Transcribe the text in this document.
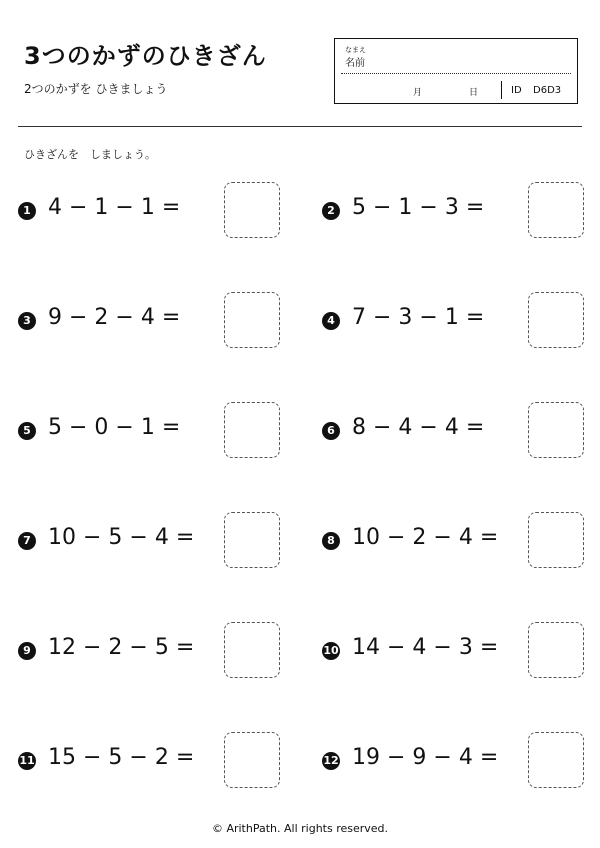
3つのかずのひきざん
2つのかずを ひきましょう
なまえ
名前
月	日	ID D6D3
ひきざんを　しましょう。
1 4 − 1 − 1 =	2 5 − 1 − 3 =
3 9 − 2 − 4 =	4 7 − 3 − 1 =
5 5 − 0 − 1 =	6 8 − 4 − 4 =
7 10 − 5 − 4 =	8 10 − 2 − 4 =
9 12 − 2 − 5 =	10 14 − 4 − 3 =
11 15 − 5 − 2 =	12 19 − 9 − 4 =
© ArithPath. All rights reserved.
